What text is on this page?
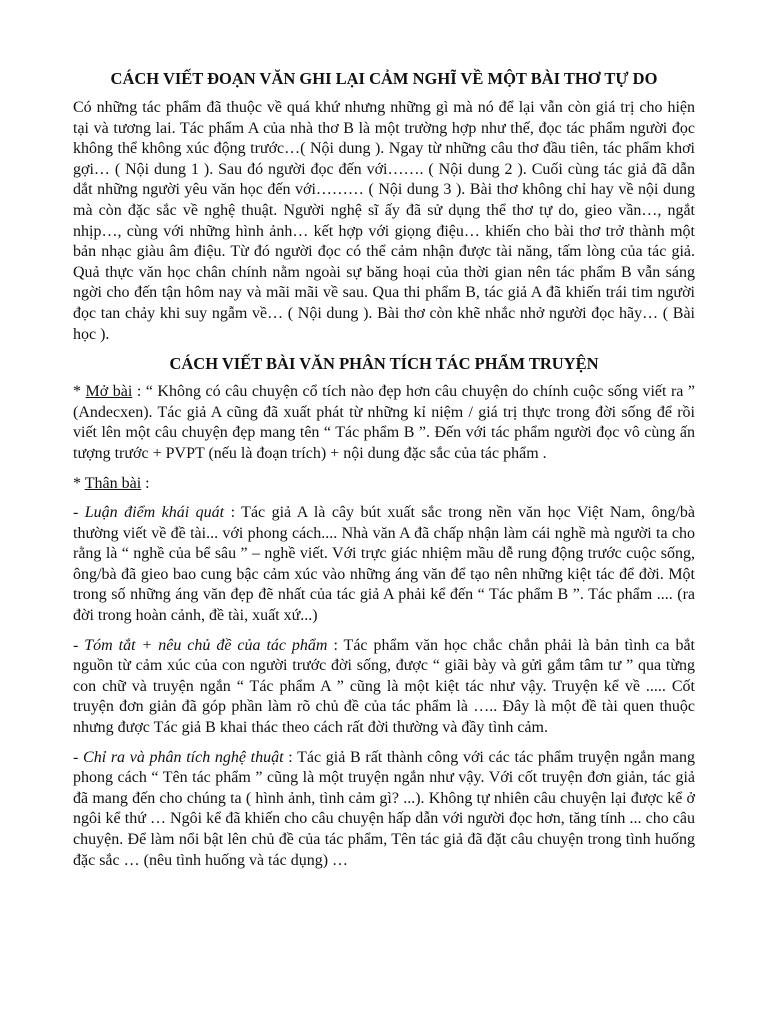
CÁCH VIẾT ĐOẠN VĂN GHI LẠI CẢM NGHĨ VỀ MỘT BÀI THƠ TỰ DO

Có những tác phẩm đã thuộc về quá khứ nhưng những gì mà nó để lại vẫn còn giá trị cho hiện tại và tương lai. Tác phẩm A của nhà thơ B là một trường hợp như thế, đọc tác phẩm người đọc không thể không xúc động trước…( Nội dung ). Ngay từ những câu thơ đầu tiên, tác phẩm khơi gợi… ( Nội dung 1 ). Sau đó người đọc đến với……. ( Nội dung 2 ). Cuối cùng tác giả đã dẫn dắt những người yêu văn học đến với……… ( Nội dung 3 ). Bài thơ không chỉ hay về nội dung mà còn đặc sắc về nghệ thuật. Người nghệ sĩ ấy đã sử dụng thể thơ tự do, gieo vần…, ngắt nhịp…, cùng với những hình ảnh… kết hợp với giọng điệu… khiến cho bài thơ trở thành một bản nhạc giàu âm điệu. Từ đó người đọc có thể cảm nhận được tài năng, tấm lòng của tác giả. Quả thực văn học chân chính nằm ngoài sự băng hoại của thời gian nên tác phẩm B vẫn sáng ngời cho đến tận hôm nay và mãi mãi về sau. Qua thi phẩm B, tác giả A đã khiến trái tim người đọc tan chảy khi suy ngẫm về… ( Nội dung ). Bài thơ còn khẽ nhắc nhở người đọc hãy… ( Bài học ).

CÁCH VIẾT BÀI VĂN PHÂN TÍCH TÁC PHẨM TRUYỆN

* Mở bài : “ Không có câu chuyện cổ tích nào đẹp hơn câu chuyện do chính cuộc sống viết ra ” (Andecxen). Tác giả A cũng đã xuất phát từ những kỉ niệm / giá trị thực trong đời sống để rồi viết lên một câu chuyện đẹp mang tên “ Tác phẩm B ”. Đến với tác phẩm người đọc vô cùng ấn tượng trước + PVPT (nếu là đoạn trích) + nội dung đặc sắc của tác phẩm .

* Thân bài :

- Luận điểm khái quát : Tác giả A là cây bút xuất sắc trong nền văn học Việt Nam, ông/bà thường viết về đề tài... với phong cách.... Nhà văn A đã chấp nhận làm cái nghề mà người ta cho rằng là “ nghề của bể sâu ” – nghề viết. Với trực giác nhiệm mầu dễ rung động trước cuộc sống, ông/bà đã gieo bao cung bậc cảm xúc vào những áng văn để tạo nên những kiệt tác để đời. Một trong số những áng văn đẹp đẽ nhất của tác giả A phải kể đến “ Tác phẩm B ”. Tác phẩm .... (ra đời trong hoàn cảnh, đề tài, xuất xứ...)

- Tóm tắt + nêu chủ đề của tác phẩm : Tác phẩm văn học chắc chắn phải là bản tình ca bắt nguồn từ cảm xúc của con người trước đời sống, được “ giãi bày và gửi gắm tâm tư ” qua từng con chữ và truyện ngắn “ Tác phẩm A ” cũng là một kiệt tác như vậy. Truyện kể về ..... Cốt truyện đơn giản đã góp phần làm rõ chủ đề của tác phẩm là ….. Đây là một đề tài quen thuộc nhưng được Tác giả B khai thác theo cách rất đời thường và đầy tình cảm.

- Chỉ ra và phân tích nghệ thuật : Tác giả B rất thành công với các tác phẩm truyện ngắn mang phong cách “ Tên tác phẩm ” cũng là một truyện ngắn như vậy. Với cốt truyện đơn giản, tác giả đã mang đến cho chúng ta ( hình ảnh, tình cảm gì? ...). Không tự nhiên câu chuyện lại được kể ở ngôi kể thứ … Ngôi kể đã khiến cho câu chuyện hấp dẫn với người đọc hơn, tăng tính ... cho câu chuyện. Để làm nổi bật lên chủ đề của tác phẩm, Tên tác giả đã đặt câu chuyện trong tình huống đặc sắc … (nêu tình huống và tác dụng) …
